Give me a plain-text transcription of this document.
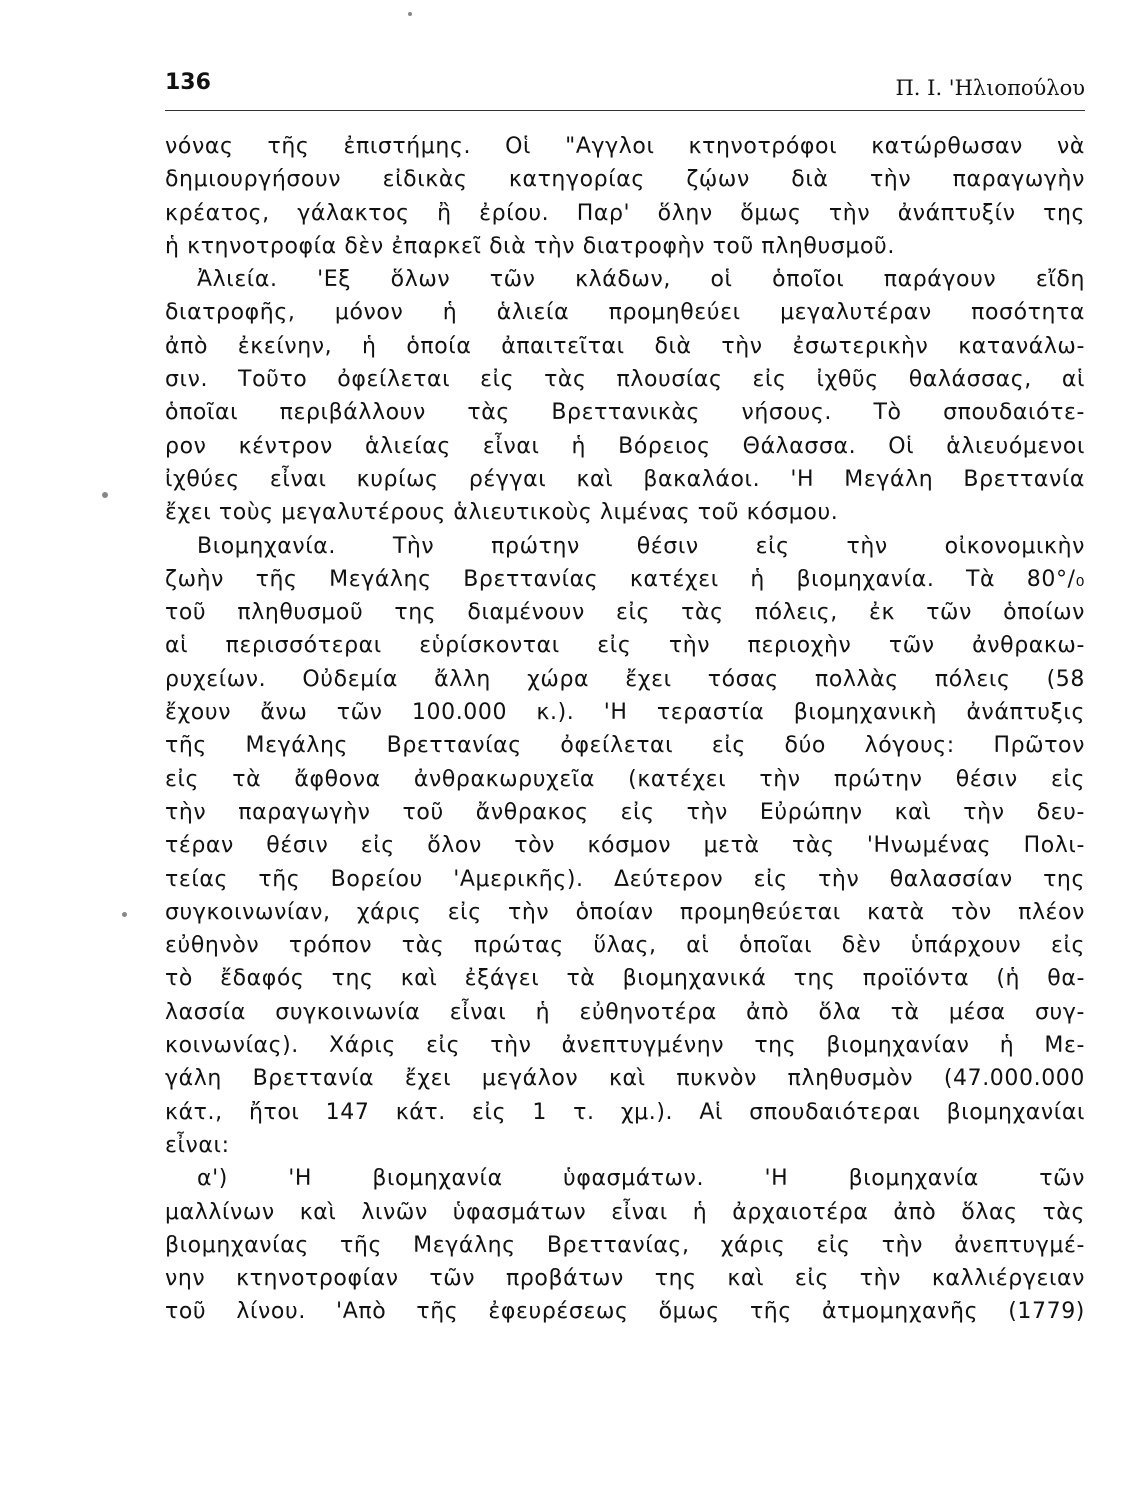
136	Π. Ι. 'Ηλιοπούλου
νόνας τῆς ἐπιστήμης. Οἱ "Αγγλοι κτηνοτρόφοι κατώρθωσαν νὰ
δημιουργήσουν εἰδικὰς κατηγορίας ζῴων διὰ τὴν παραγωγὴν
κρέατος, γάλακτος ἢ ἐρίου. Παρ' ὅλην ὅμως τὴν ἀνάπτυξίν της
ἡ κτηνοτροφία δὲν ἐπαρκεῖ διὰ τὴν διατροφὴν τοῦ πληθυσμοῦ.
Ἀλιεία. 'Εξ ὅλων τῶν κλάδων, οἱ ὁποῖοι παράγουν εἴδη
διατροφῆς, μόνον ἡ ἁλιεία προμηθεύει μεγαλυτέραν ποσότητα
ἀπὸ ἐκείνην, ἡ ὁποία ἀπαιτεῖται διὰ τὴν ἐσωτερικὴν κατανάλω-
σιν. Τοῦτο ὀφείλεται εἰς τὰς πλουσίας εἰς ἰχθῦς θαλάσσας, αἱ
ὁποῖαι περιβάλλουν τὰς Βρεττανικὰς νήσους. Τὸ σπουδαιότε-
ρον κέντρον ἁλιείας εἶναι ἡ Βόρειος Θάλασσα. Οἱ ἁλιευόμενοι
ἰχθύες εἶναι κυρίως ρέγγαι καὶ βακαλάοι. 'Η Μεγάλη Βρεττανία
ἔχει τοὺς μεγαλυτέρους ἁλιευτικοὺς λιμένας τοῦ κόσμου.
Βιομηχανία. Τὴν πρώτην θέσιν εἰς τὴν οἰκονομικὴν
ζωὴν τῆς Μεγάλης Βρεττανίας κατέχει ἡ βιομηχανία. Τὰ 80°/₀
τοῦ πληθυσμοῦ της διαμένουν εἰς τὰς πόλεις, ἐκ τῶν ὁποίων
αἱ περισσότεραι εὑρίσκονται εἰς τὴν περιοχὴν τῶν ἀνθρακω-
ρυχείων. Οὐδεμία ἄλλη χώρα ἔχει τόσας πολλὰς πόλεις (58
ἔχουν ἄνω τῶν 100.000 κ.). 'Η τεραστία βιομηχανικὴ ἀνάπτυξις
τῆς Μεγάλης Βρεττανίας ὀφείλεται εἰς δύο λόγους: Πρῶτον
εἰς τὰ ἄφθονα ἀνθρακωρυχεῖα (κατέχει τὴν πρώτην θέσιν εἰς
τὴν παραγωγὴν τοῦ ἄνθρακος εἰς τὴν Εὐρώπην καὶ τὴν δευ-
τέραν θέσιν εἰς ὅλον τὸν κόσμον μετὰ τὰς 'Ηνωμένας Πολι-
τείας τῆς Βορείου 'Αμερικῆς). Δεύτερον εἰς τὴν θαλασσίαν της
συγκοινωνίαν, χάρις εἰς τὴν ὁποίαν προμηθεύεται κατὰ τὸν πλέον
εὐθηνὸν τρόπον τὰς πρώτας ὕλας, αἱ ὁποῖαι δὲν ὑπάρχουν εἰς
τὸ ἔδαφός της καὶ ἐξάγει τὰ βιομηχανικά της προϊόντα (ἡ θα-
λασσία συγκοινωνία εἶναι ἡ εὐθηνοτέρα ἀπὸ ὅλα τὰ μέσα συγ-
κοινωνίας). Χάρις εἰς τὴν ἀνεπτυγμένην της βιομηχανίαν ἡ Με-
γάλη Βρεττανία ἔχει μεγάλον καὶ πυκνὸν πληθυσμὸν (47.000.000
κάτ., ἤτοι 147 κάτ. εἰς 1 τ. χμ.). Αἱ σπουδαιότεραι βιομηχανίαι
εἶναι:
α') 'Η βιομηχανία ὑφασμάτων. 'Η βιομηχανία τῶν
μαλλίνων καὶ λινῶν ὑφασμάτων εἶναι ἡ ἀρχαιοτέρα ἀπὸ ὅλας τὰς
βιομηχανίας τῆς Μεγάλης Βρεττανίας, χάρις εἰς τὴν ἀνεπτυγμέ-
νην κτηνοτροφίαν τῶν προβάτων της καὶ εἰς τὴν καλλιέργειαν
τοῦ λίνου. 'Απὸ τῆς ἐφευρέσεως ὅμως τῆς ἀτμομηχανῆς (1779)
